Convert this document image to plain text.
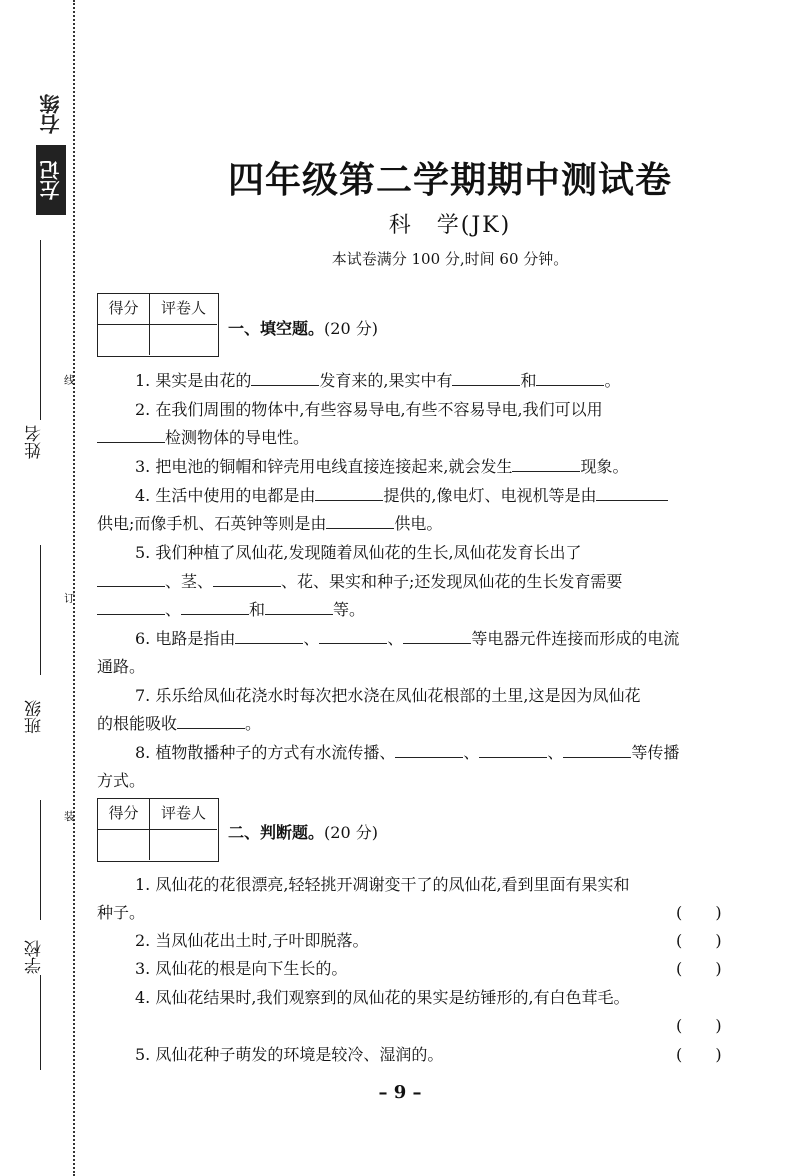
右练
左记
姓名
班级
学校
线
订
装
四年级第二学期期中测试卷
科　学(JK)
本试卷满分 100 分,时间 60 分钟。
得分	评卷人
一、填空题。(20 分)
1. 果实是由花的	发育来的,果实中有	和	。
2. 在我们周围的物体中,有些容易导电,有些不容易导电,我们可以用
检测物体的导电性。
3. 把电池的铜帽和锌壳用电线直接连接起来,就会发生	现象。
4. 生活中使用的电都是由	提供的,像电灯、电视机等是由
供电;而像手机、石英钟等则是由	供电。
5. 我们种植了凤仙花,发现随着凤仙花的生长,凤仙花发育长出了
、茎、	、花、果实和种子;还发现凤仙花的生长发育需要
、	和	等。
6. 电路是指由	、	、	等电器元件连接而形成的电流
通路。
7. 乐乐给凤仙花浇水时每次把水浇在凤仙花根部的土里,这是因为凤仙花
的根能吸收	。
8. 植物散播种子的方式有水流传播、	、	、	等传播
方式。
得分	评卷人
二、判断题。(20 分)
1. 凤仙花的花很漂亮,轻轻挑开凋谢变干了的凤仙花,看到里面有果实和
种子。	( )
2. 当凤仙花出土时,子叶即脱落。	( )
3. 凤仙花的根是向下生长的。	( )
4. 凤仙花结果时,我们观察到的凤仙花的果实是纺锤形的,有白色茸毛。
( )
5. 凤仙花种子萌发的环境是较冷、湿润的。	( )
– 9 –
